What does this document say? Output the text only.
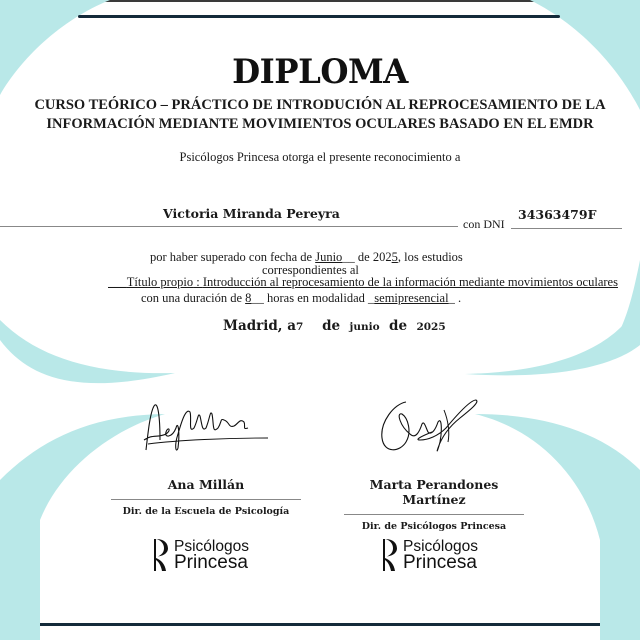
DIPLOMA
CURSO TEÓRICO – PRÁCTICO DE INTRODUCIÓN AL REPROCESAMIENTO DE LA
INFORMACIÓN MEDIANTE MOVIMIENTOS OCULARES BASADO EN EL EMDR
Psicólogos Princesa otorga el presente reconocimiento a
Victoria Miranda Pereyra
con DNI
34363479F
por haber superado con fecha de Junio__ de 2025, los estudios
correspondientes al
___Título propio : Introducción al reprocesamiento de la información mediante movimientos oculares
con una duración de 8__ horas en modalidad _semipresencial_ .
Madrid, a7 de junio de 2025
Ana Millán
Dir. de la Escuela de Psicología
Marta Perandones Martínez
Dir. de Psicólogos Princesa
Psicólogos
Princesa
Psicólogos
Princesa
